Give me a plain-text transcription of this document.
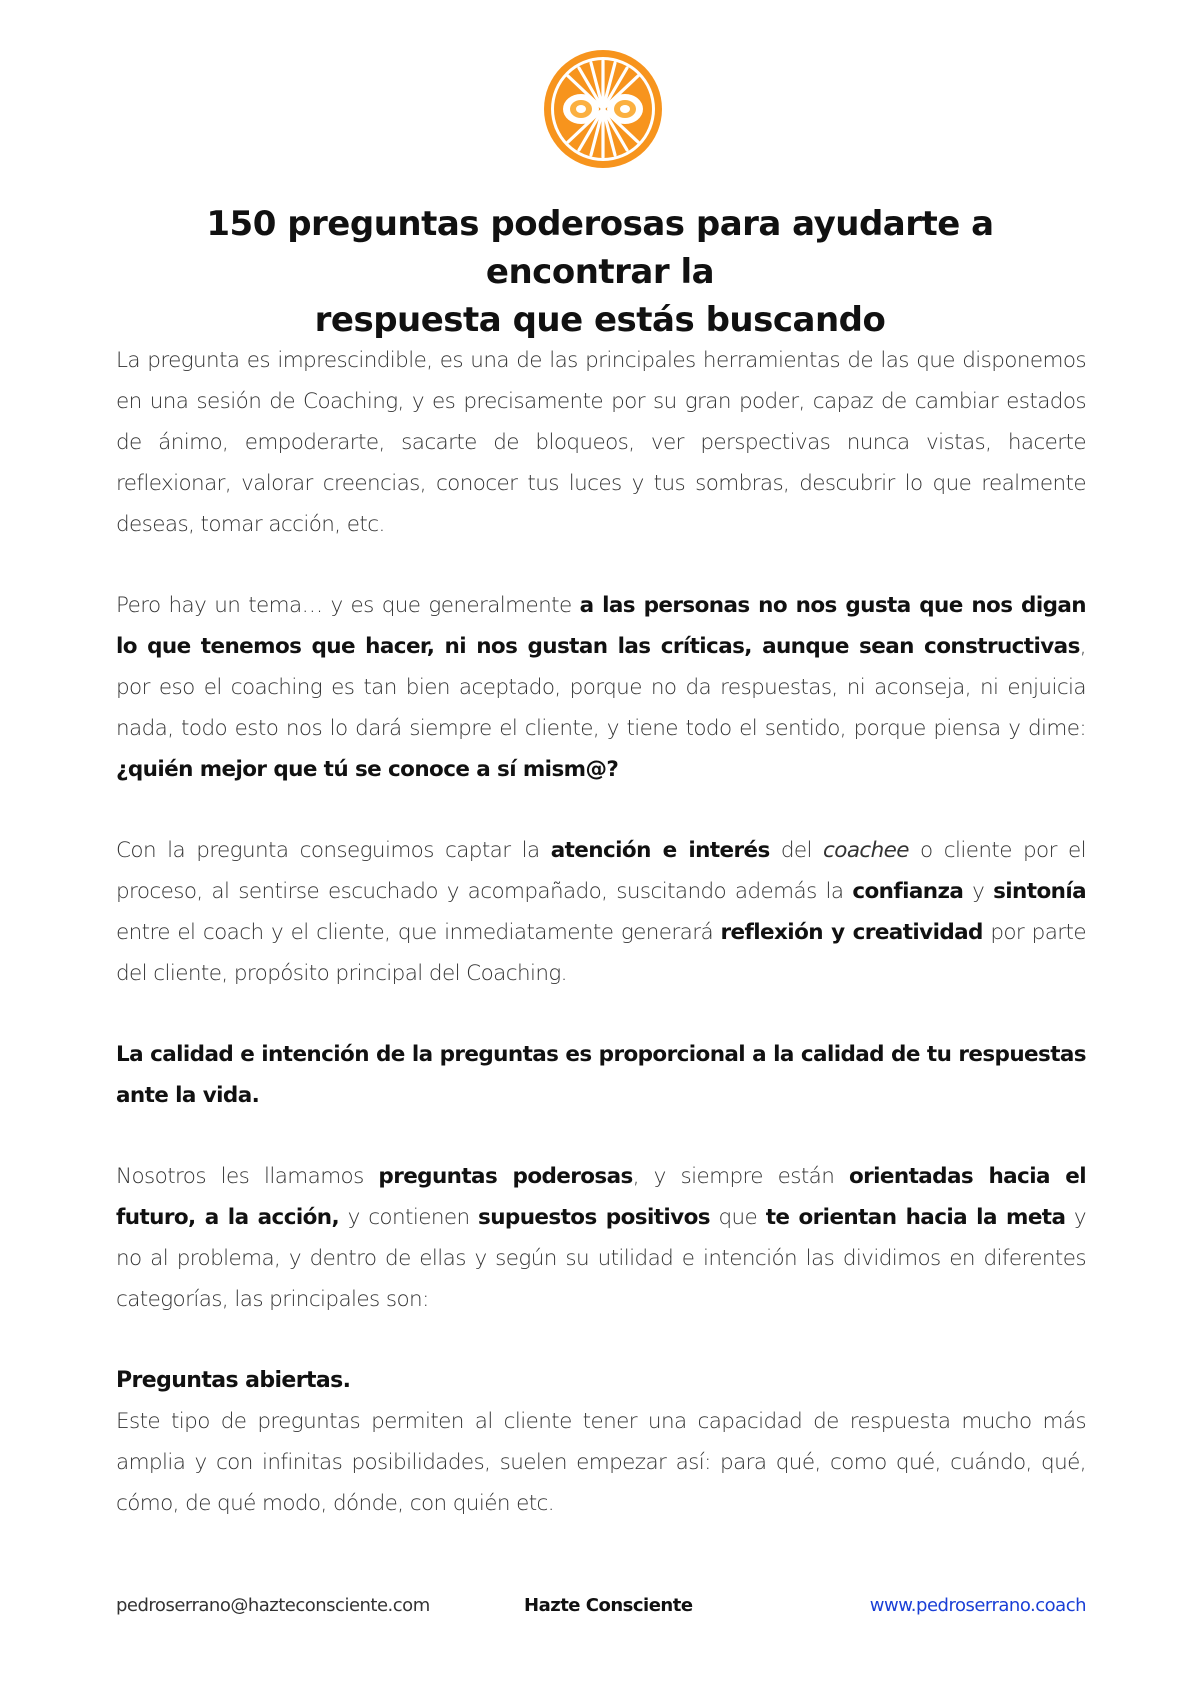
150 preguntas poderosas para ayudarte a encontrar la
respuesta que estás buscando

La pregunta es imprescindible, es una de las principales herramientas de las que disponemos en una sesión de Coaching, y es precisamente por su gran poder, capaz de cambiar estados de ánimo, empoderarte, sacarte de bloqueos, ver perspectivas nunca vistas, hacerte reflexionar, valorar creencias, conocer tus luces y tus sombras, descubrir lo que realmente deseas, tomar acción, etc.

Pero hay un tema… y es que generalmente a las personas no nos gusta que nos digan lo que tenemos que hacer, ni nos gustan las críticas, aunque sean constructivas, por eso el coaching es tan bien aceptado, porque no da respuestas, ni aconseja, ni enjuicia nada, todo esto nos lo dará siempre el cliente, y tiene todo el sentido, porque piensa y dime: ¿quién mejor que tú se conoce a sí mism@?

Con la pregunta conseguimos captar la atención e interés del coachee o cliente por el proceso, al sentirse escuchado y acompañado, suscitando además la confianza y sintonía entre el coach y el cliente, que inmediatamente generará reflexión y creatividad por parte del cliente, propósito principal del Coaching.

La calidad e intención de la preguntas es proporcional a la calidad de tu respuestas ante la vida.

Nosotros les llamamos preguntas poderosas, y siempre están orientadas hacia el futuro, a la acción, y contienen supuestos positivos que te orientan hacia la meta y no al problema, y dentro de ellas y según su utilidad e intención las dividimos en diferentes categorías, las principales son:

Preguntas abiertas.

Este tipo de preguntas permiten al cliente tener una capacidad de respuesta mucho más amplia y con infinitas posibilidades, suelen empezar así: para qué, como qué, cuándo, qué, cómo, de qué modo, dónde, con quién etc.

pedroserrano@hazteconsciente.com	Hazte Consciente	www.pedroserrano.coach
